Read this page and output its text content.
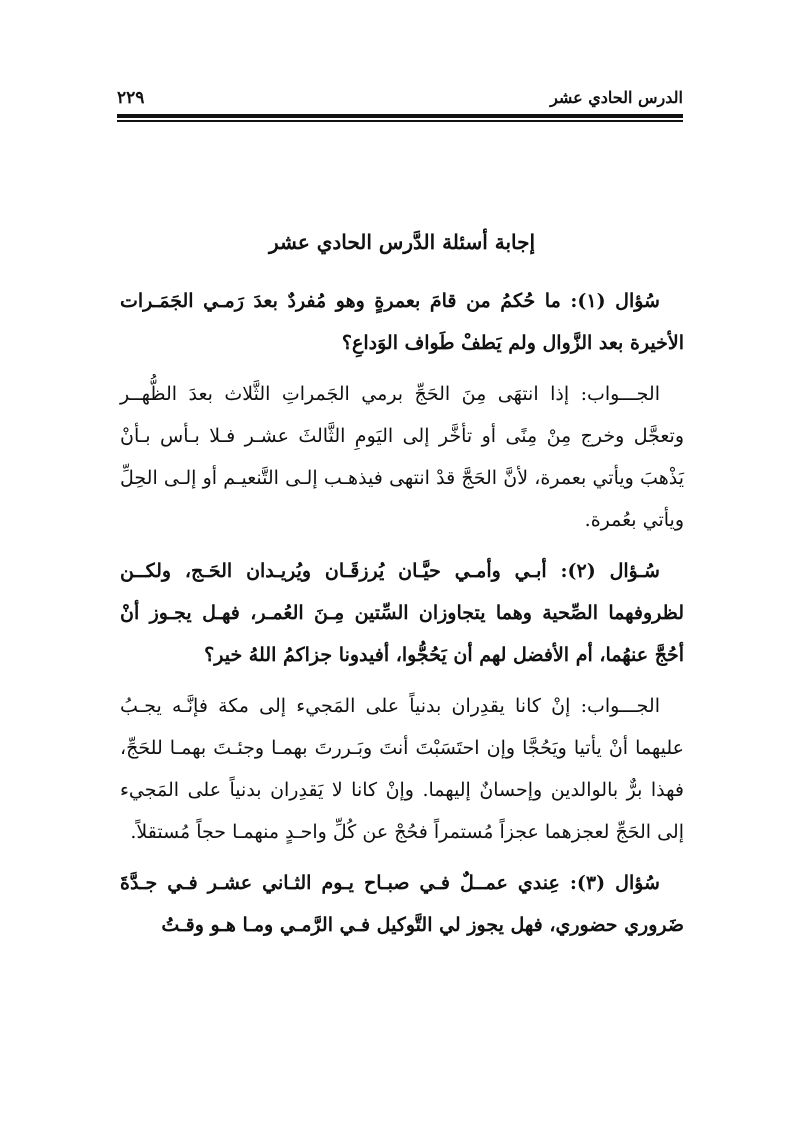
الدرس الحادي عشر
٢٢٩
إجابة أسئلة الدَّرس الحادي عشر

سُؤال (١): ما حُكمُ من قامَ بعمرةٍ وهو مُفردٌ بعدَ رَمـي الجَمَـرات الأخيرة بعد الزَّوال ولم يَطفْ طَواف الوَداعِ؟

الجـــواب: إذا انتهَى مِنَ الحَجِّ برمي الجَمراتِ الثَّلاث بعدَ الظُّهــر وتعجَّل وخرج مِنْ مِنًى أو تأخَّر إلى اليَومِ الثَّالثَ عشـر فـلا بـأس بـأنْ يَذْهبَ ويأتي بعمرة، لأنَّ الحَجَّ قدْ انتهى فيذهـب إلـى التَّنعيـم أو إلـى الحِلِّ ويأتي بعُمرة.

سُـؤال (٢): أبـي وأمـي حيَّـان يُرزقَـان ويُريـدان الحَـج، ولكــن لظروفهما الصِّحية وهما يتجاوزان السِّتين مِـنَ العُمـر، فهـل يجـوز أنْ أحُجَّ عنهُما، أم الأفضل لهم أن يَحُجُّوا، أفيدونا جزاكمُ اللهُ خير؟

الجـــواب: إنْ كانا يقدِران بدنياً على المَجيء إلى مكة فإنَّـه يجـبُ عليهما أنْ يأتيا ويَحُجَّا وإن احتَسَبْتَ أنتَ وبَـررتَ بهمـا وجئـتَ بهمـا للحَجِّ، فهذا برٌّ بالوالدين وإحسانٌ إليهما. وإنْ كانا لا يَقدِران بدنياً على المَجيء إلى الحَجِّ لعجزهما عجزاً مُستمراً فحُجْ عن كُلِّ واحـدٍ منهمـا حجاً مُستقلاً.

سُؤال (٣): عِندي عمــلٌ فـي صبـاح يـوم الثـاني عشـر فـي جـدَّةَ ضَروري حضوري، فهل يجوز لي التَّوكيل فـي الرَّمـي ومـا هـو وقـتُ
